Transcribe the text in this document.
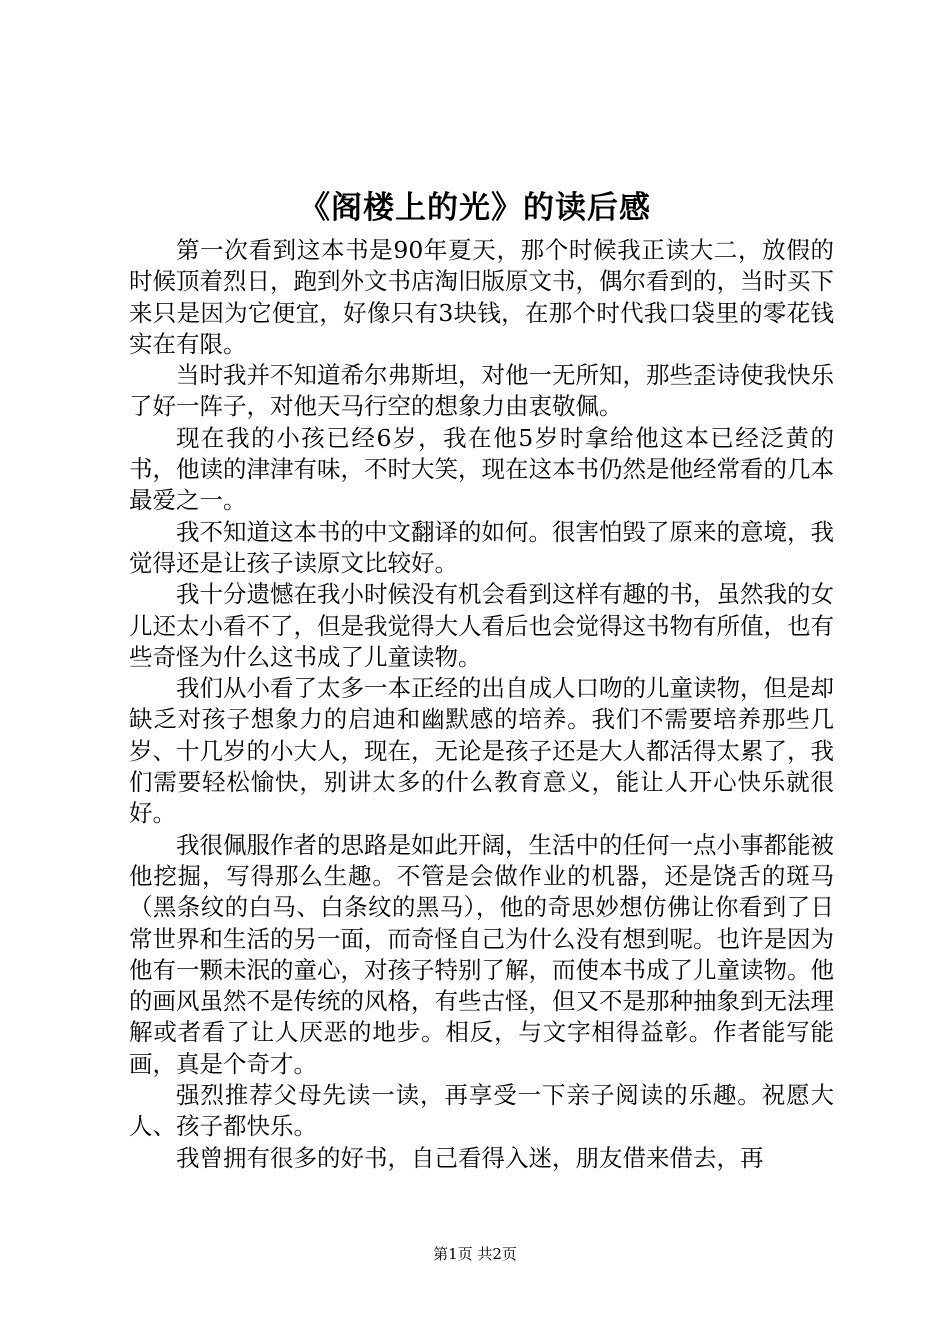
《阁楼上的光》的读后感

第一次看到这本书是90年夏天，那个时候我正读大二，放假的时候顶着烈日，跑到外文书店淘旧版原文书，偶尔看到的，当时买下来只是因为它便宜，好像只有3块钱，在那个时代我口袋里的零花钱实在有限。

当时我并不知道希尔弗斯坦，对他一无所知，那些歪诗使我快乐了好一阵子，对他天马行空的想象力由衷敬佩。

现在我的小孩已经6岁，我在他5岁时拿给他这本已经泛黄的书，他读的津津有味，不时大笑，现在这本书仍然是他经常看的几本最爱之一。

我不知道这本书的中文翻译的如何。很害怕毁了原来的意境，我觉得还是让孩子读原文比较好。

我十分遗憾在我小时候没有机会看到这样有趣的书，虽然我的女儿还太小看不了，但是我觉得大人看后也会觉得这书物有所值，也有些奇怪为什么这书成了儿童读物。

我们从小看了太多一本正经的出自成人口吻的儿童读物，但是却缺乏对孩子想象力的启迪和幽默感的培养。我们不需要培养那些几岁、十几岁的小大人，现在，无论是孩子还是大人都活得太累了，我们需要轻松愉快，别讲太多的什么教育意义，能让人开心快乐就很好。

我很佩服作者的思路是如此开阔，生活中的任何一点小事都能被他挖掘，写得那么生趣。不管是会做作业的机器，还是饶舌的斑马（黑条纹的白马、白条纹的黑马），他的奇思妙想仿佛让你看到了日常世界和生活的另一面，而奇怪自己为什么没有想到呢。也许是因为他有一颗未泯的童心，对孩子特别了解，而使本书成了儿童读物。他的画风虽然不是传统的风格，有些古怪，但又不是那种抽象到无法理解或者看了让人厌恶的地步。相反，与文字相得益彰。作者能写能画，真是个奇才。

强烈推荐父母先读一读，再享受一下亲子阅读的乐趣。祝愿大人、孩子都快乐。

我曾拥有很多的好书，自己看得入迷，朋友借来借去，再

第1页 共2页
